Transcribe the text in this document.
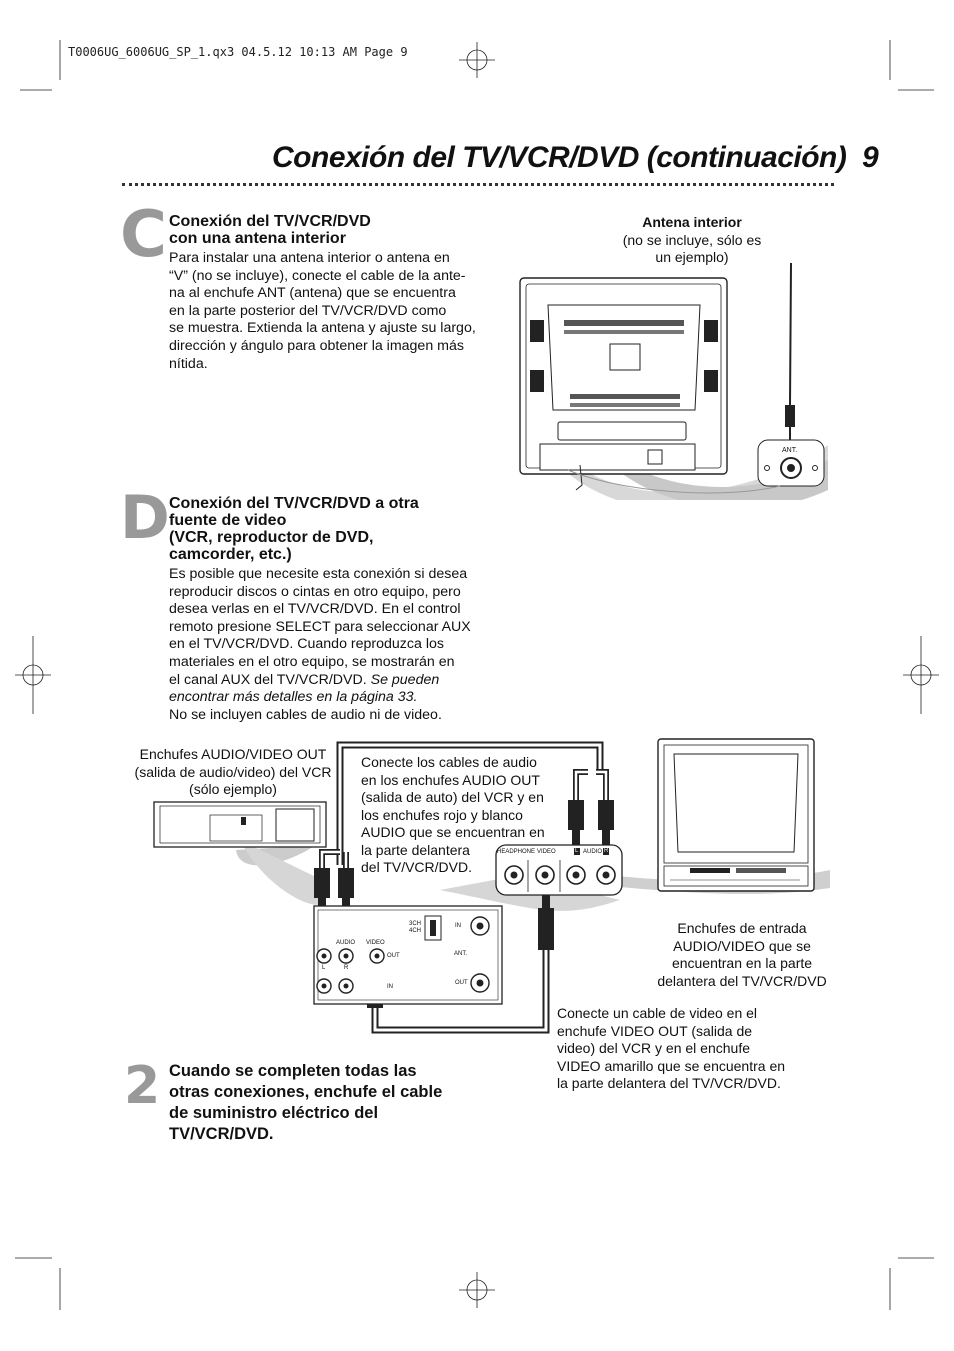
T0006UG_6006UG_SP_1.qx3 04.5.12 10:13 AM Page 9
Conexión del TV/VCR/DVD (continuación) 9
C Conexión del TV/VCR/DVD
con una antena interior
Para instalar una antena interior o antena en
“V” (no se incluye), conecte el cable de la ante-
na al enchufe ANT (antena) que se encuentra
en la parte posterior del TV/VCR/DVD como
se muestra. Extienda la antena y ajuste su largo,
dirección y ángulo para obtener la imagen más
nítida.
Antena interior
(no se incluye, sólo es
un ejemplo)
ANT.
D Conexión del TV/VCR/DVD a otra
fuente de video
(VCR, reproductor de DVD,
camcorder, etc.)
Es posible que necesite esta conexión si desea
reproducir discos o cintas en otro equipo, pero
desea verlas en el TV/VCR/DVD. En el control
remoto presione SELECT para seleccionar AUX
en el TV/VCR/DVD. Cuando reproduzca los
materiales en el otro equipo, se mostrarán en
el canal AUX del TV/VCR/DVD. Se pueden
encontrar más detalles en la página 33.
No se incluyen cables de audio ni de video.
Enchufes AUDIO/VIDEO OUT
(salida de audio/video) del VCR
(sólo ejemplo)
Conecte los cables de audio
en los enchufes AUDIO OUT
(salida de auto) del VCR y en
los enchufes rojo y blanco
AUDIO que se encuentran en
la parte delantera
del TV/VCR/DVD.
Enchufes de entrada
AUDIO/VIDEO que se
encuentran en la parte
delantera del TV/VCR/DVD
Conecte un cable de video en el
enchufe VIDEO OUT (salida de
video) del VCR y en el enchufe
VIDEO amarillo que se encuentra en
la parte delantera del TV/VCR/DVD.
HEADPHONE VIDEO	L AUDIO R
3CH
4CH
IN
AUDIO VIDEO
OUT
L	R
IN
ANT.
OUT
2 Cuando se completen todas las
otras conexiones, enchufe el cable
de suministro eléctrico del
TV/VCR/DVD.
